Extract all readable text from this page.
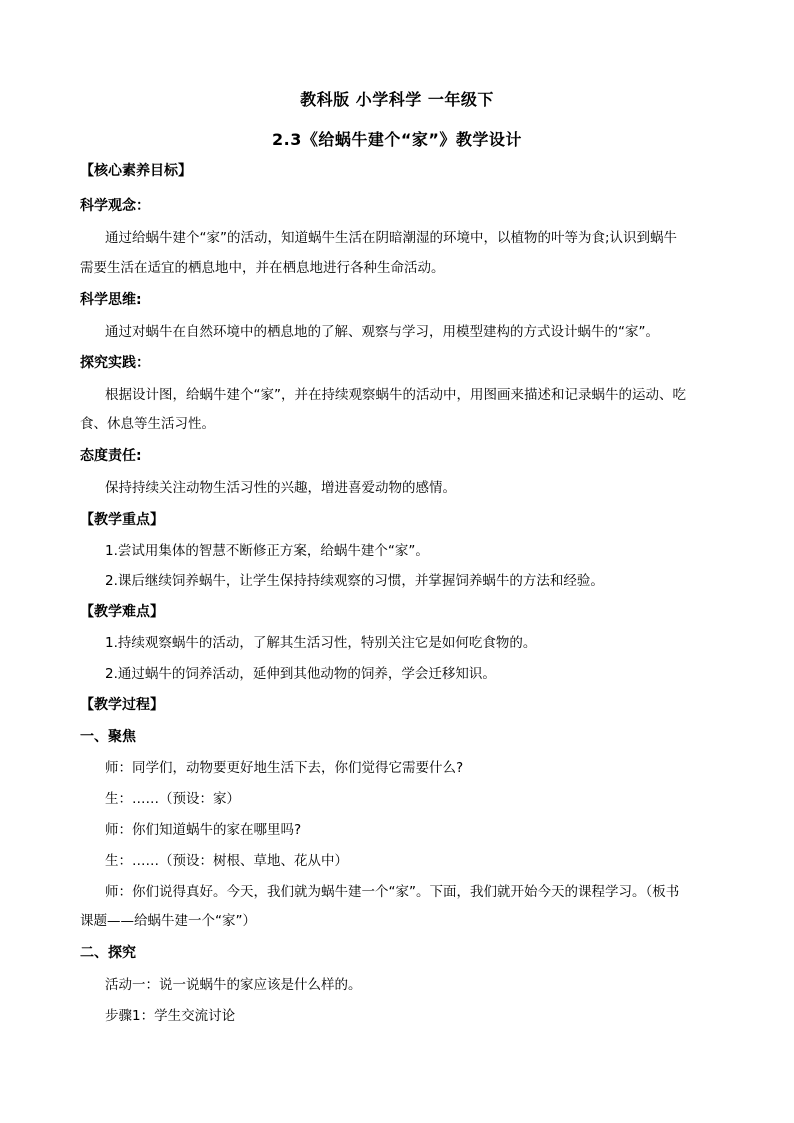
教科版 小学科学 一年级下
2.3《给蜗牛建个“家”》教学设计
【核心素养目标】
科学观念：
通过给蜗牛建个“家”的活动，知道蜗牛生活在阴暗潮湿的环境中，以植物的叶等为食;认识到蜗牛
需要生活在适宜的栖息地中，并在栖息地进行各种生命活动。
科学思维:
通过对蜗牛在自然环境中的栖息地的了解、观察与学习，用模型建构的方式设计蜗牛的“家”。
探究实践：
根据设计图，给蜗牛建个“家”，并在持续观察蜗牛的活动中，用图画来描述和记录蜗牛的运动、吃
食、休息等生活习性。
态度责任:
保持持续关注动物生活习性的兴趣，增进喜爱动物的感情。
【教学重点】
1.尝试用集体的智慧不断修正方案，给蜗牛建个“家”。
2.课后继续饲养蜗牛，让学生保持持续观察的习惯，并掌握饲养蜗牛的方法和经验。
【教学难点】
1.持续观察蜗牛的活动，了解其生活习性，特别关注它是如何吃食物的。
2.通过蜗牛的饲养活动，延伸到其他动物的饲养，学会迁移知识。
【教学过程】
一、聚焦
师：同学们，动物要更好地生活下去，你们觉得它需要什么?
生：……（预设：家）
师：你们知道蜗牛的家在哪里吗?
生：……（预设：树根、草地、花从中）
师：你们说得真好。今天，我们就为蜗牛建一个“家”。下面，我们就开始今天的课程学习。（板书
课题——给蜗牛建一个“家”）
二、探究
活动一：说一说蜗牛的家应该是什么样的。
步骤1：学生交流讨论
